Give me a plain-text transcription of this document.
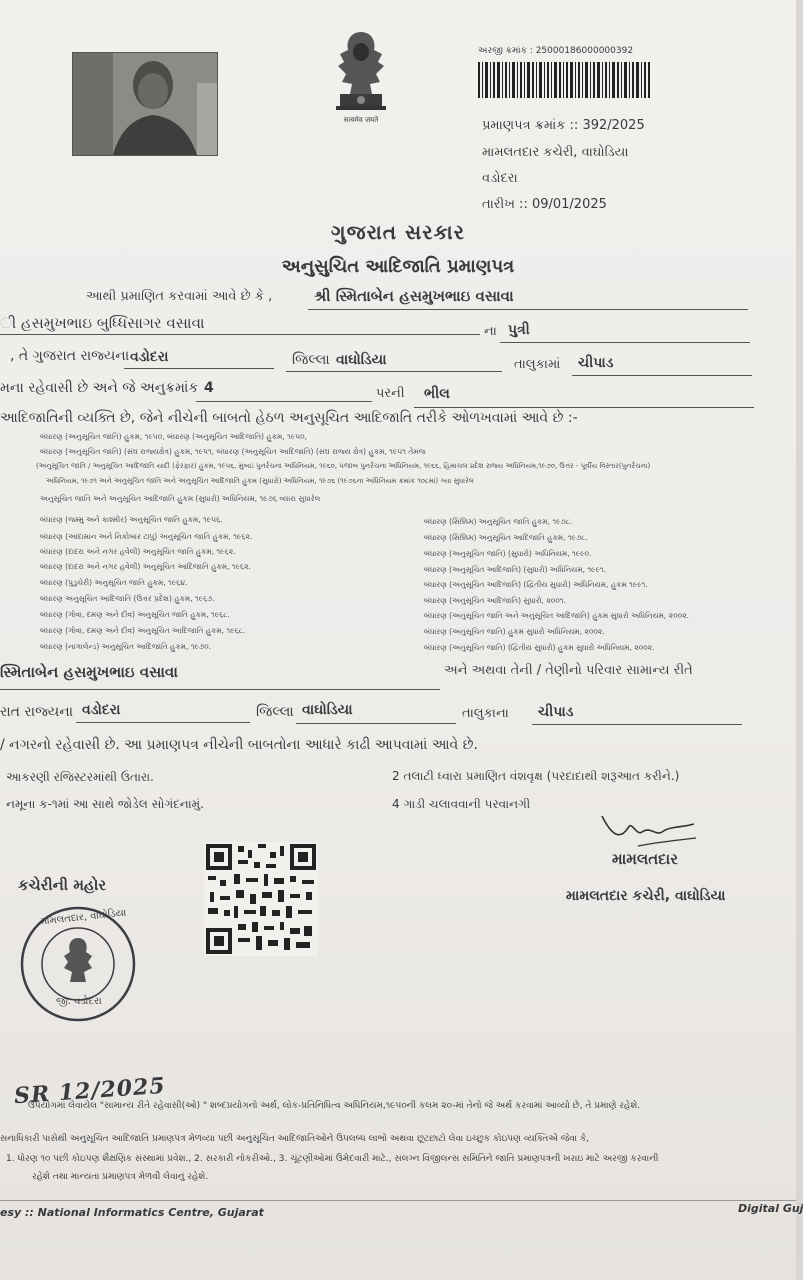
सत्यमेव जयते
અરજી ક્રમાંક : 25000186000000392
પ્રમાણપત્ર ક્રમાંક :: 392/2025
મામલતદાર કચેરી, વાઘોડિયા
વડોદરા
તારીખ :: 09/01/2025
ગુજરાત સરકાર
અનુસુચિત આદિજાતિ પ્રમાણપત્ર
આથી પ્રમાણિત કરવામાં આવે છે કે ,	શ્રી સ્મિતાબેન હસમુખભાઇ વસાવા
ી હસમુખભાઇ બુધ્ધિસાગર વસાવા	ના પુત્રી
, તે ગુજરાત રાજ્યના વડોદરા	જિલ્લા વાઘોડિયા	તાલુકામાં ચીપાડ
મના રહેવાસી છે અને જે અનુક્રમાંક 4	પરની ભીલ
આદિજાતિની વ્યક્તિ છે, જેને નીચેની બાબતો હેઠળ અનુસૂચિત આદિજાતિ તરીકે ઓળખવામાં આવે છે :-
બંધારણ (અનુસૂચિત જાતિ) હુકમ, ૧૯૫૦, બંધારણ (અનુસૂચિત આદિજાતિ) હુકમ, ૧૯૫૦,
બંધારણ (અનુસૂચિત જાતિ) (સંઘ રાજ્યક્ષેત્ર) હુકમ, ૧૯૫૧, બંધારણ (અનુસૂચિત આદિજાતિ) (સંઘ રાજ્ય ક્ષેત્ર) હુકમ, ૧૯૫૧ તેમજ
(અનુસૂચિત જાતિ / અનુસૂચિત આદિજાતિ યાદી (ફેરફાર) હુકમ, ૧૯૫૬, મુંબઇ પુનર્રચના અધિનિયમ, ૧૯૬૦, પંજાબ પુનર્રચના અધિનિયમ, ૧૯૬૬, હિમાચલ પ્રદેશ રાજ્ય અધિનિયમ,૧૯૭૦, ઉત્તર - પૂર્વીય વિસ્તાર(પુનર્રચના)
અધિનિયમ, ૧૯૭૧ અને અનુસૂચિત જાતિ અને અનુસૂચિત આદિજાતિ હુકમ (સુધારો) અધિનિયમ, ૧૯૭૬ (૧૯૭૬ના અધિનિયમ ક્રમાંક ૧૦૮માં) ગ્યા સુધારેલ
અનુસૂચિત જાતિ અને અનુસૂચિત આદિજાતિ હુકમ (સુધારો) અધિનિયમ, ૧૯૭૬ વ્યારા સુધારેલ
બંધારણ (જમ્મુ અને કાશ્મીર) અનુસૂચિત જાતિ હુકમ, ૧૯૫૬.
બંધારણ (આંદામાન અને નિકોબાર ટાપુ) અનુસૂચિત જાતિ હુકમ, ૧૯૬૨.
બંધારણ (દાદરા અને નગર હવેલી) અનુસૂચિત જાતિ હુકમ, ૧૯૬૨.
બંધારણ (દાદરા અને નગર હવેલી) અનુસૂચિત આદિજાતિ હુકમ, ૧૯૬૨.
બંધારણ (પુડુચેરી) અનુસૂચિત જાતિ હુકમ, ૧૯૬૪.
બંધારણ અનુસૂચિત આદિજાતિ (ઉત્તર પ્રદેશ) હુકમ, ૧૯૬૭.
બંધારણ (ગોવા, દમણ અને દીવ) અનુસૂચિત જાતિ હુકમ, ૧૯૬૮.
બંધારણ (ગોવા, દમણ અને દીવ) અનુસૂચિત આદિજાતિ હુકમ, ૧૯૬૮.
બંધારણ (નાગાલેન્ડ) અનુસૂચિત આદિજાતિ હુકમ, ૧૯૭૦.
બંધારણ (સિક્કિમ) અનુસૂચિત જાતિ હુકમ, ૧૯૭૮.
બંધારણ (સિક્કિમ) અનુસૂચિત આદિજાતિ હુકમ, ૧૯૭૮.
બંધારણ (અનુસૂચિત જાતિ) (સુધારો) અધિનિયમ, ૧૯૯૦.
બંધારણ (અનુસૂચિત આદિજાતિ) (સુધારો) અધિનિયમ, ૧૯૯૧.
બંધારણ (અનુસૂચિત આદિજાતિ) (દ્વિતીય સુધારો) અધિનિયમ, હુકમ ૧૯૯૧.
બંધારણ (અનુસૂચિત આદિજાતિ) સુધારો, ૨૦૦૧.
બંધારણ (અનુસૂચિત જાતિ અને અનુસૂચિત આદિજાતિ) હુકમ સુધારો અધિનિયમ, ૨૦૦૨.
બંધારણ (અનુસૂચિત જાતિ) હુકમ સુધારો અધિનિયમ, ૨૦૦૨.
બંધારણ (અનુસૂચિત જાતિ) (દ્વિતીય સુધારો) હુકમ સુધારો અધિનિયમ, ૨૦૦૨.
સ્મિતાબેન હસમુખભાઇ વસાવા	અને અથવા તેની / તેણીનો પરિવાર સામાન્ય રીતે
રાત રાજ્યના વડોદરા	જિલ્લા વાઘોડિયા	તાલુકાના ચીપાડ
/ નગરનો રહેવાસી છે. આ પ્રમાણપત્ર નીચેની બાબતોના આધારે કાઢી આપવામાં આવે છે.
આકરણી રજિસ્ટરમાંથી ઉતારા.	2 તલાટી ધ્વારા પ્રમાણિત વંશવૃક્ષ (પરદાદાથી શરૂઆત કરીને.)
નમૂના ક-૧માં આ સાથે જોડેલ સોગંદનામું.	4 ગાડી ચલાવવાની પરવાનગી
મામલતદાર
મામલતદાર કચેરી, વાઘોડિયા
કચેરીની મહોર
મામલતદાર, વાઘોડિયા
જી. વડોદરા
SR 12/2025
ઉપયોગમાં લેવાયેલ "સામાન્ય રીતે રહેવાસી(ઓ) " શબ્દપ્રયોગનો અર્થ, લોક-પ્રતિનિધિત્વ અધિનિયમ,૧૯૫૦ની કલમ ૨૦-માં તેનો જે અર્થ કરવામાં આવ્યો છે, તે પ્રમાણે રહેશે.
સનાધિકારી પાસેથી અનુસૂચિત આદિજાતિ પ્રમાણપત્ર મેળવ્યા પછી અનુસૂચિત આદિજાતિઓને ઉપલબ્ધ લાભો અથવા છૂટછાટો લેવા ઇચ્છુક કોઇપણ વ્યક્તિએ જેવા કે,
1. ધોરણ ૧૦ પછી કોઇપણ શૈક્ષણિક સંસ્થામાં પ્રવેશ., 2. સરકારી નોકરીઓ., 3. ચૂંટણીઓમાં ઉમેદવારી માટે., સંલગ્ન વિજીલન્સ સમિતિને જાતિ પ્રમાણપત્રની ખરાઇ માટે અરજી કરવાની
રહેશે તથા માન્યતા પ્રમાણપત્ર મેળવી લેવાનું રહેશે.
esy :: National Informatics Centre, Gujarat	Digital Guj
